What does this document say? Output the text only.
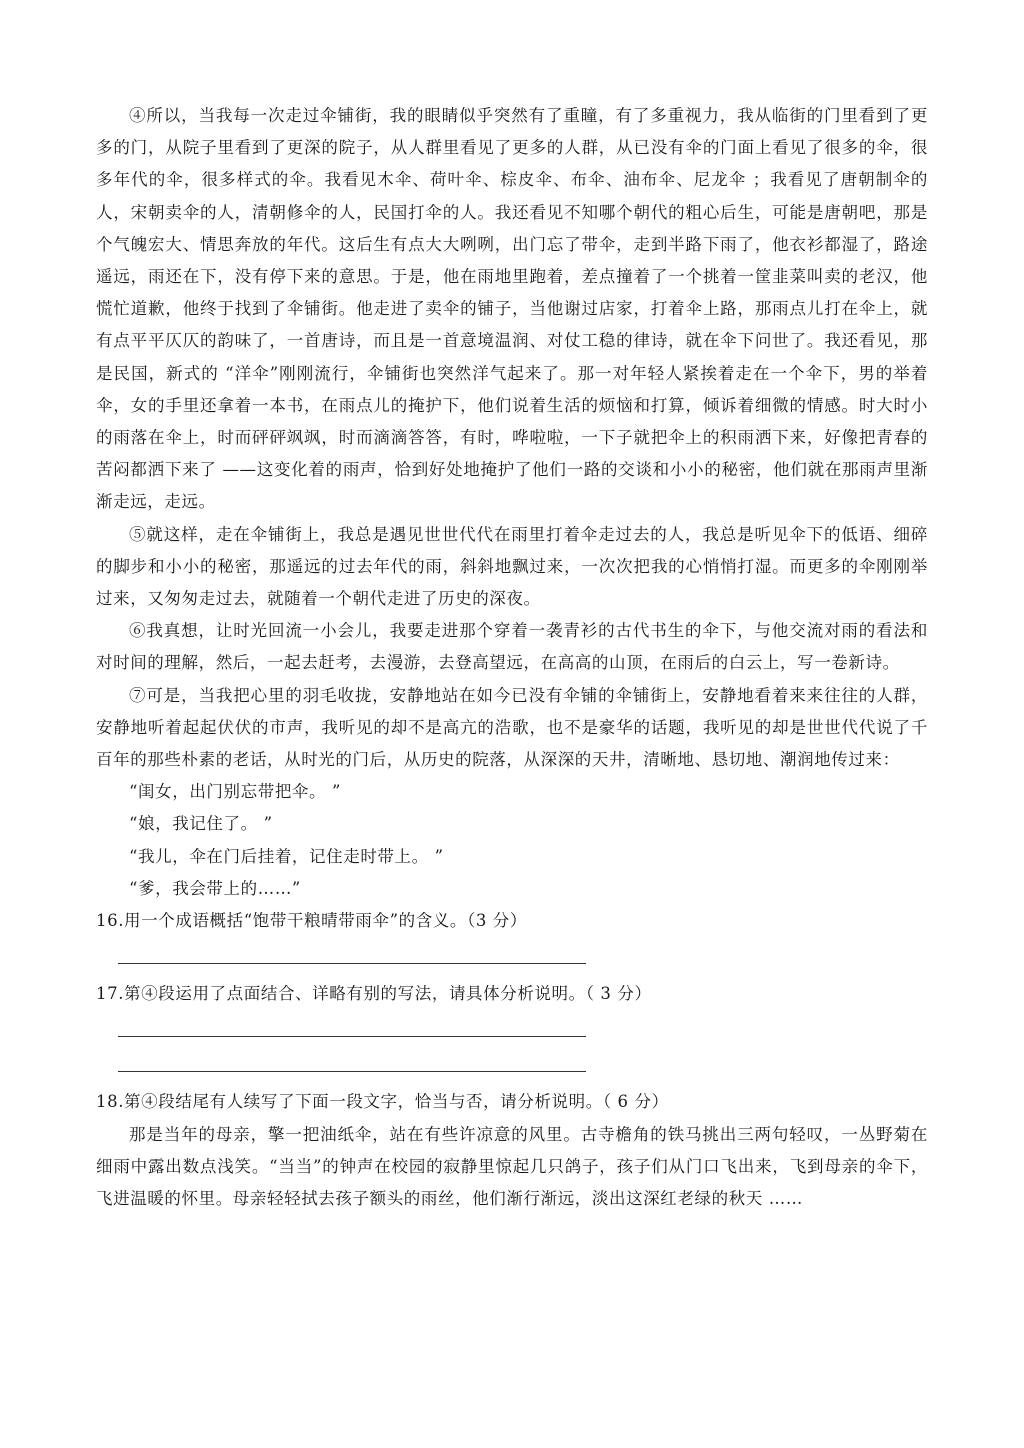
④所以，当我每一次走过伞铺街，我的眼睛似乎突然有了重瞳，有了多重视力，我从临街的门里看到了更多的门，从院子里看到了更深的院子，从人群里看见了更多的人群，从已没有伞的门面上看见了很多的伞，很多年代的伞，很多样式的伞。我看见木伞、荷叶伞、棕皮伞、布伞、油布伞、尼龙伞 ；我看见了唐朝制伞的人，宋朝卖伞的人，清朝修伞的人，民国打伞的人。我还看见不知哪个朝代的粗心后生，可能是唐朝吧，那是个气魄宏大、情思奔放的年代。这后生有点大大咧咧，出门忘了带伞，走到半路下雨了，他衣衫都湿了，路途遥远，雨还在下，没有停下来的意思。于是，他在雨地里跑着，差点撞着了一个挑着一筐韭菜叫卖的老汉，他慌忙道歉，他终于找到了伞铺街。他走进了卖伞的铺子，当他谢过店家，打着伞上路，那雨点儿打在伞上，就有点平平仄仄的韵味了，一首唐诗，而且是一首意境温润、对仗工稳的律诗，就在伞下问世了。我还看见，那是民国，新式的 “洋伞”刚刚流行，伞铺街也突然洋气起来了。那一对年轻人紧挨着走在一个伞下，男的举着伞，女的手里还拿着一本书，在雨点儿的掩护下，他们说着生活的烦恼和打算，倾诉着细微的情感。时大时小的雨落在伞上，时而砰砰飒飒，时而滴滴答答，有时，哗啦啦，一下子就把伞上的积雨洒下来，好像把青春的苦闷都洒下来了 ——这变化着的雨声，恰到好处地掩护了他们一路的交谈和小小的秘密，他们就在那雨声里渐渐走远，走远。

⑤就这样，走在伞铺街上，我总是遇见世世代代在雨里打着伞走过去的人，我总是听见伞下的低语、细碎的脚步和小小的秘密，那遥远的过去年代的雨，斜斜地飘过来，一次次把我的心悄悄打湿。而更多的伞刚刚举过来，又匆匆走过去，就随着一个朝代走进了历史的深夜。

⑥我真想，让时光回流一小会儿，我要走进那个穿着一袭青衫的古代书生的伞下，与他交流对雨的看法和对时间的理解，然后，一起去赶考，去漫游，去登高望远，在高高的山顶，在雨后的白云上，写一卷新诗。

⑦可是，当我把心里的羽毛收拢，安静地站在如今已没有伞铺的伞铺街上，安静地看着来来往往的人群，安静地听着起起伏伏的市声，我听见的却不是高亢的浩歌，也不是豪华的话题，我听见的却是世世代代说了千百年的那些朴素的老话，从时光的门后，从历史的院落，从深深的天井，清晰地、恳切地、潮润地传过来：

“闺女，出门别忘带把伞。 ”

“娘，我记住了。 ”

“我儿，伞在门后挂着，记住走时带上。 ”

“爹，我会带上的……”

16.用一个成语概括“饱带干粮晴带雨伞”的含义。（3 分）

17.第④段运用了点面结合、详略有别的写法，请具体分析说明。（ 3 分）

18.第④段结尾有人续写了下面一段文字，恰当与否，请分析说明。（ 6 分）

那是当年的母亲，擎一把油纸伞，站在有些许凉意的风里。古寺檐角的铁马挑出三两句轻叹，一丛野菊在细雨中露出数点浅笑。“当当”的钟声在校园的寂静里惊起几只鸽子，孩子们从门口飞出来，飞到母亲的伞下，飞进温暖的怀里。母亲轻轻拭去孩子额头的雨丝，他们渐行渐远，淡出这深红老绿的秋天 ……
